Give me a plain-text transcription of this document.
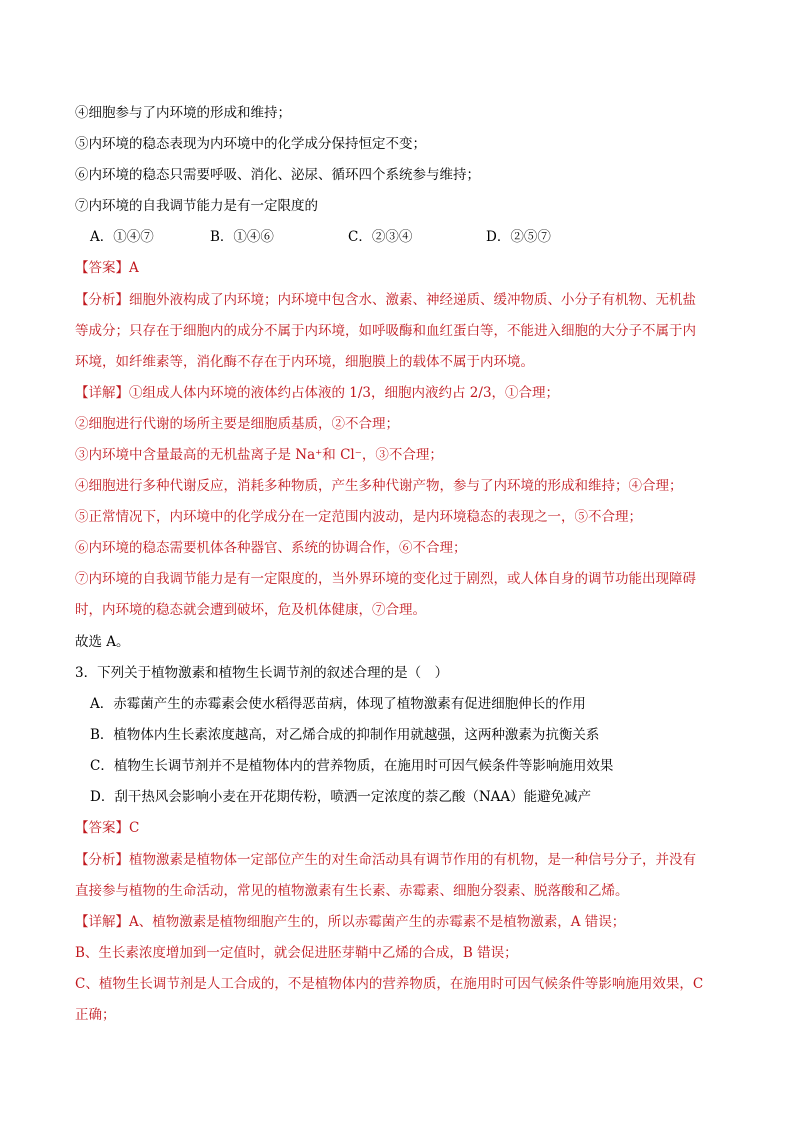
④细胞参与了内环境的形成和维持；
⑤内环境的稳态表现为内环境中的化学成分保持恒定不变；
⑥内环境的稳态只需要呼吸、消化、泌尿、循环四个系统参与维持；
⑦内环境的自我调节能力是有一定限度的
A．①④⑦	B．①④⑥	C．②③④	D．②⑤⑦
【答案】A
【分析】细胞外液构成了内环境；内环境中包含水、激素、神经递质、缓冲物质、小分子有机物、无机盐
等成分；只存在于细胞内的成分不属于内环境，如呼吸酶和血红蛋白等，不能进入细胞的大分子不属于内
环境，如纤维素等，消化酶不存在于内环境，细胞膜上的载体不属于内环境。
【详解】①组成人体内环境的液体约占体液的 1/3，细胞内液约占 2/3，①合理；
②细胞进行代谢的场所主要是细胞质基质，②不合理；
③内环境中含量最高的无机盐离子是 Na⁺和 Cl⁻，③不合理；
④细胞进行多种代谢反应，消耗多种物质，产生多种代谢产物，参与了内环境的形成和维持；④合理；
⑤正常情况下，内环境中的化学成分在一定范围内波动，是内环境稳态的表现之一，⑤不合理；
⑥内环境的稳态需要机体各种器官、系统的协调合作，⑥不合理；
⑦内环境的自我调节能力是有一定限度的，当外界环境的变化过于剧烈，或人体自身的调节功能出现障碍
时，内环境的稳态就会遭到破坏，危及机体健康，⑦合理。
故选 A。
3．下列关于植物激素和植物生长调节剂的叙述合理的是（　）
A．赤霉菌产生的赤霉素会使水稻得恶苗病，体现了植物激素有促进细胞伸长的作用
B．植物体内生长素浓度越高，对乙烯合成的抑制作用就越强，这两种激素为抗衡关系
C．植物生长调节剂并不是植物体内的营养物质，在施用时可因气候条件等影响施用效果
D．刮干热风会影响小麦在开花期传粉，喷洒一定浓度的萘乙酸（NAA）能避免减产
【答案】C
【分析】植物激素是植物体一定部位产生的对生命活动具有调节作用的有机物，是一种信号分子，并没有
直接参与植物的生命活动，常见的植物激素有生长素、赤霉素、细胞分裂素、脱落酸和乙烯。
【详解】A、植物激素是植物细胞产生的，所以赤霉菌产生的赤霉素不是植物激素，A 错误；
B、生长素浓度增加到一定值时，就会促进胚芽鞘中乙烯的合成，B 错误；
C、植物生长调节剂是人工合成的，不是植物体内的营养物质，在施用时可因气候条件等影响施用效果，C
正确；
